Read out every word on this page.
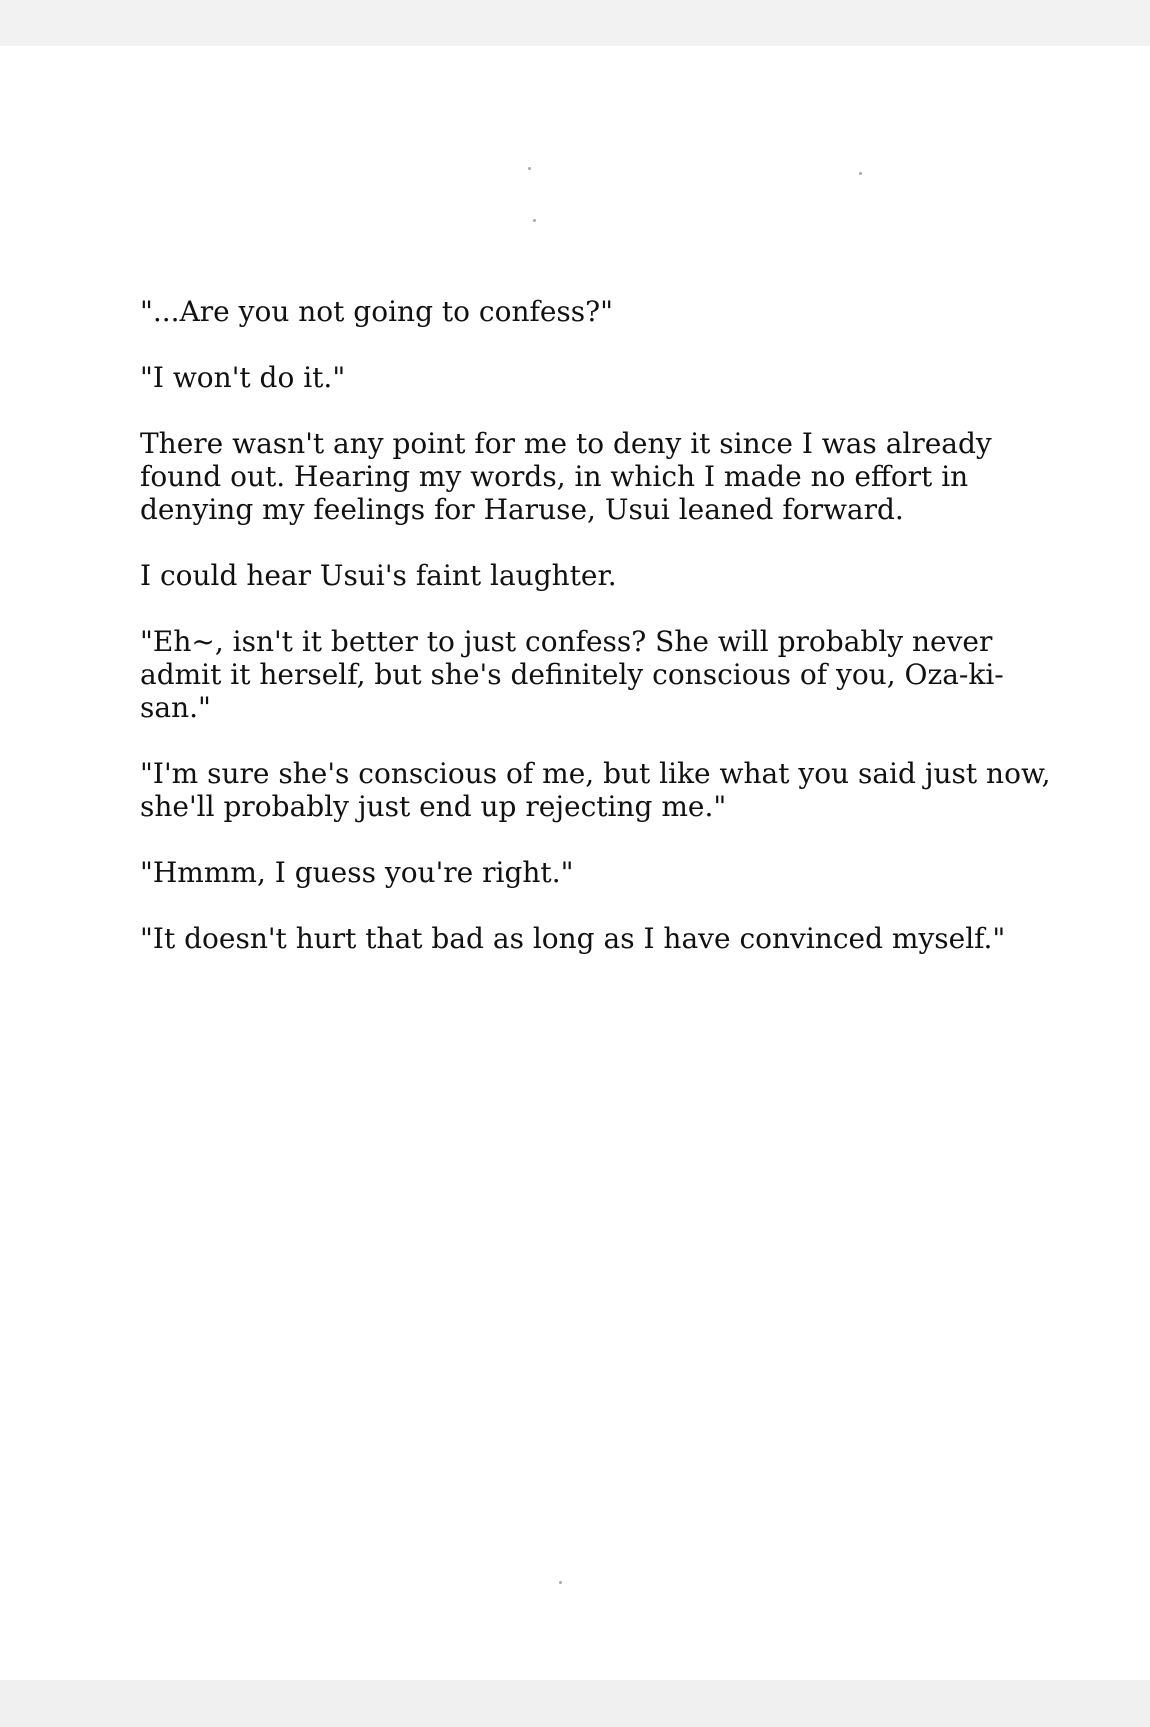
"...Are you not going to confess?"

"I won't do it."

There wasn't any point for me to deny it since I was already found out. Hearing my words, in which I made no effort in denying my feelings for Haruse, Usui leaned forward.

I could hear Usui's faint laughter.

"Eh~, isn't it better to just confess? She will probably never admit it herself, but she's definitely conscious of you, Oza-ki-san."

"I'm sure she's conscious of me, but like what you said just now, she'll probably just end up rejecting me."

"Hmmm, I guess you're right."

"It doesn't hurt that bad as long as I have convinced myself."
